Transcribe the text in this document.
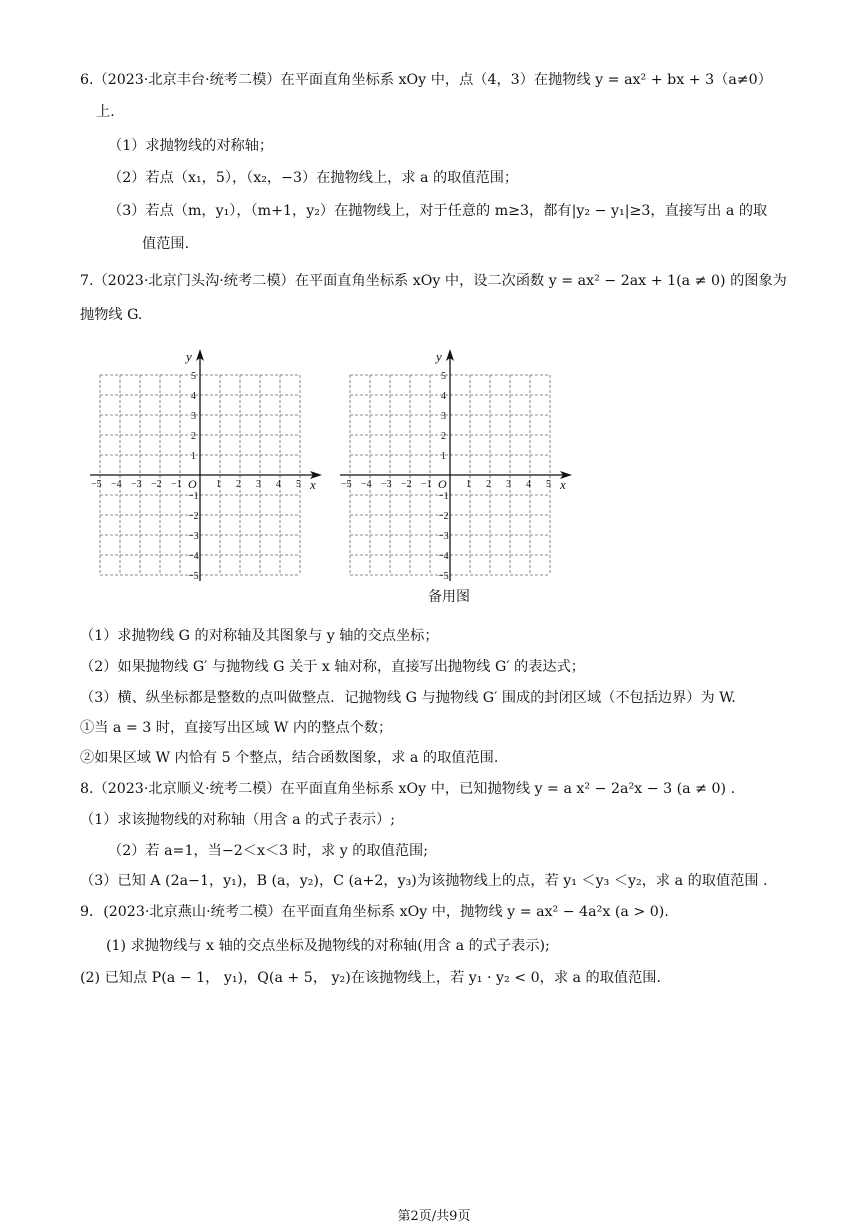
6.（2023·北京丰台·统考二模）在平面直角坐标系 xOy 中，点（4，3）在抛物线 y = ax² + bx + 3（a≠0）
上.
（1）求抛物线的对称轴；
（2）若点（x₁，5），（x₂，−3）在抛物线上，求 a 的取值范围；
（3）若点（m，y₁），（m+1，y₂）在抛物线上，对于任意的 m≥3，都有|y₂ − y₁|≥3，直接写出 a 的取
值范围.
7.（2023·北京门头沟·统考二模）在平面直角坐标系 xOy 中，设二次函数 y = ax² − 2ax + 1(a ≠ 0) 的图象为
抛物线 G.
−5 −4 −3 −2 −1	1 2 3 4 5
1
−1
2
−2
3
−3
4
−4
5
−5
x
y
O	−5 −4 −3 −2 −1	1 2 3 4 5
1
−1
2
−2
3
−3
4
−4
5
−5
x
y
O
备用图
（1）求抛物线 G 的对称轴及其图象与 y 轴的交点坐标；
（2）如果抛物线 G′ 与抛物线 G 关于 x 轴对称，直接写出抛物线 G′ 的表达式；
（3）横、纵坐标都是整数的点叫做整点．记抛物线 G 与抛物线 G′ 围成的封闭区域（不包括边界）为 W.
①当 a = 3 时，直接写出区域 W 内的整点个数；
②如果区域 W 内恰有 5 个整点，结合函数图象，求 a 的取值范围.
8.（2023·北京顺义·统考二模）在平面直角坐标系 xOy 中，已知抛物线 y = a x² − 2a²x − 3 (a ≠ 0) .
（1）求该抛物线的对称轴（用含 a 的式子表示）;
（2）若 a=1，当−2＜x＜3 时，求 y 的取值范围;
（3）已知 A (2a−1，y₁)，B (a，y₂)，C (a+2，y₃)为该抛物线上的点，若 y₁ ＜y₃ ＜y₂，求 a 的取值范围 .
9．(2023·北京燕山·统考二模）在平面直角坐标系 xOy 中，抛物线 y = ax² − 4a²x (a > 0).
(1) 求抛物线与 x 轴的交点坐标及抛物线的对称轴(用含 a 的式子表示);
(2) 已知点 P(a − 1， y₁)，Q(a + 5， y₂)在该抛物线上，若 y₁ · y₂ < 0，求 a 的取值范围.
第2页/共9页
